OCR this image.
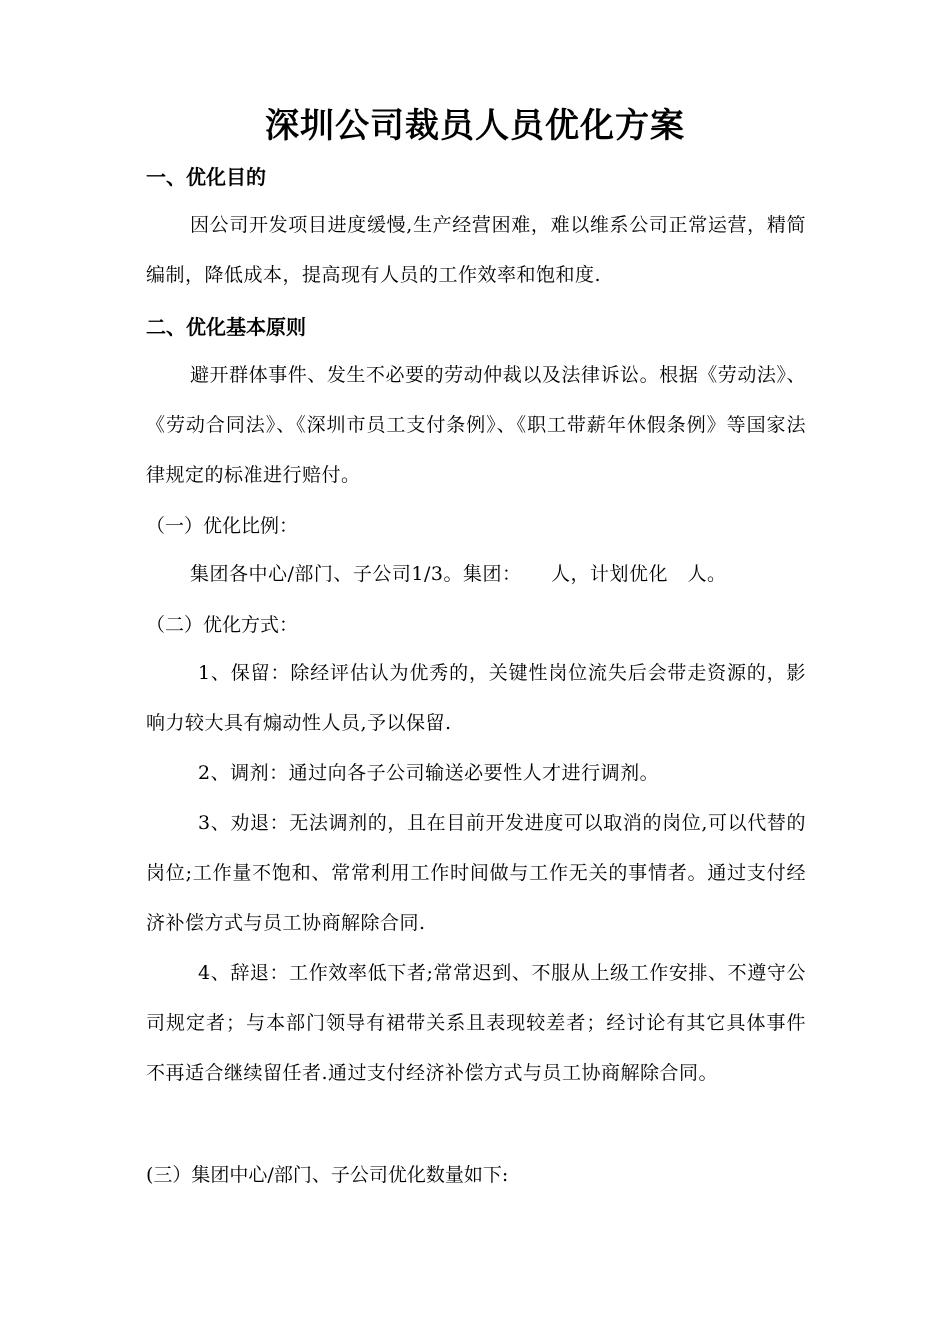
深圳公司裁员人员优化方案
一、优化目的
因公司开发项目进度缓慢,生产经营困难，难以维系公司正常运营，精简编制，降低成本，提高现有人员的工作效率和饱和度.
二、优化基本原则
避开群体事件、发生不必要的劳动仲裁以及法律诉讼。根据《劳动法》、《劳动合同法》、《深圳市员工支付条例》、《职工带薪年休假条例》等国家法律规定的标准进行赔付。
（一）优化比例：
集团各中心/部门、子公司1/3。集团：　　人，计划优化　人。
（二）优化方式：
1、保留：除经评估认为优秀的，关键性岗位流失后会带走资源的，影响力较大具有煽动性人员,予以保留.
2、调剂：通过向各子公司输送必要性人才进行调剂。
3、劝退：无法调剂的，且在目前开发进度可以取消的岗位,可以代替的岗位;工作量不饱和、常常利用工作时间做与工作无关的事情者。通过支付经济补偿方式与员工协商解除合同.
4、辞退：工作效率低下者;常常迟到、不服从上级工作安排、不遵守公司规定者；与本部门领导有裙带关系且表现较差者；经讨论有其它具体事件不再适合继续留任者.通过支付经济补偿方式与员工协商解除合同。
(三）集团中心/部门、子公司优化数量如下:
